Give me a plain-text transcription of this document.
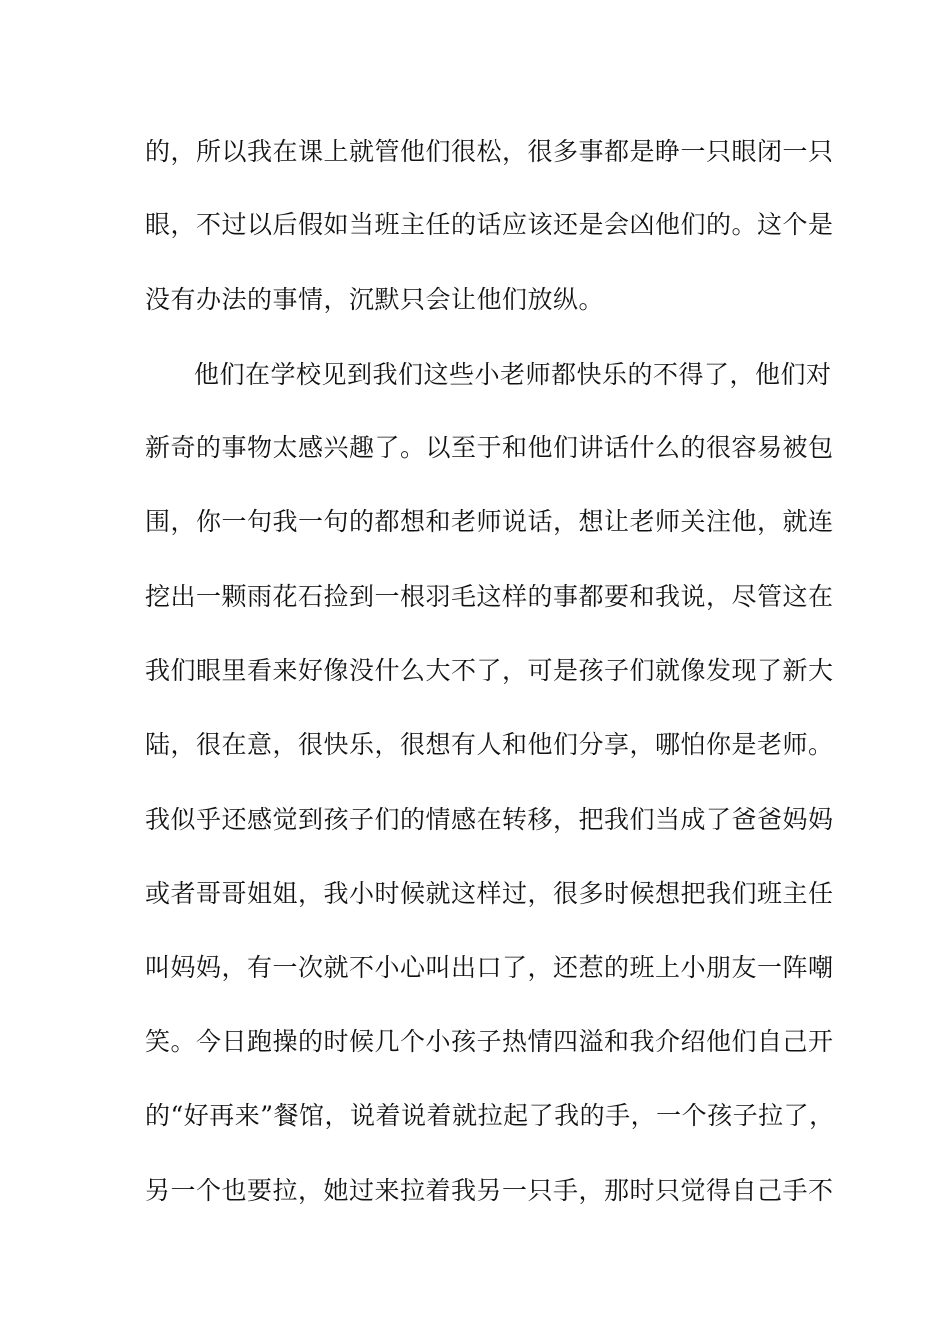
的，所以我在课上就管他们很松，很多事都是睁一只眼闭一只
眼，不过以后假如当班主任的话应该还是会凶他们的。这个是
没有办法的事情，沉默只会让他们放纵。
他们在学校见到我们这些小老师都快乐的不得了，他们对
新奇的事物太感兴趣了。以至于和他们讲话什么的很容易被包
围，你一句我一句的都想和老师说话，想让老师关注他，就连
挖出一颗雨花石捡到一根羽毛这样的事都要和我说，尽管这在
我们眼里看来好像没什么大不了，可是孩子们就像发现了新大
陆，很在意，很快乐，很想有人和他们分享，哪怕你是老师。
我似乎还感觉到孩子们的情感在转移，把我们当成了爸爸妈妈
或者哥哥姐姐，我小时候就这样过，很多时候想把我们班主任
叫妈妈，有一次就不小心叫出口了，还惹的班上小朋友一阵嘲
笑。今日跑操的时候几个小孩子热情四溢和我介绍他们自己开
的“好再来”餐馆，说着说着就拉起了我的手，一个孩子拉了，
另一个也要拉，她过来拉着我另一只手，那时只觉得自己手不
